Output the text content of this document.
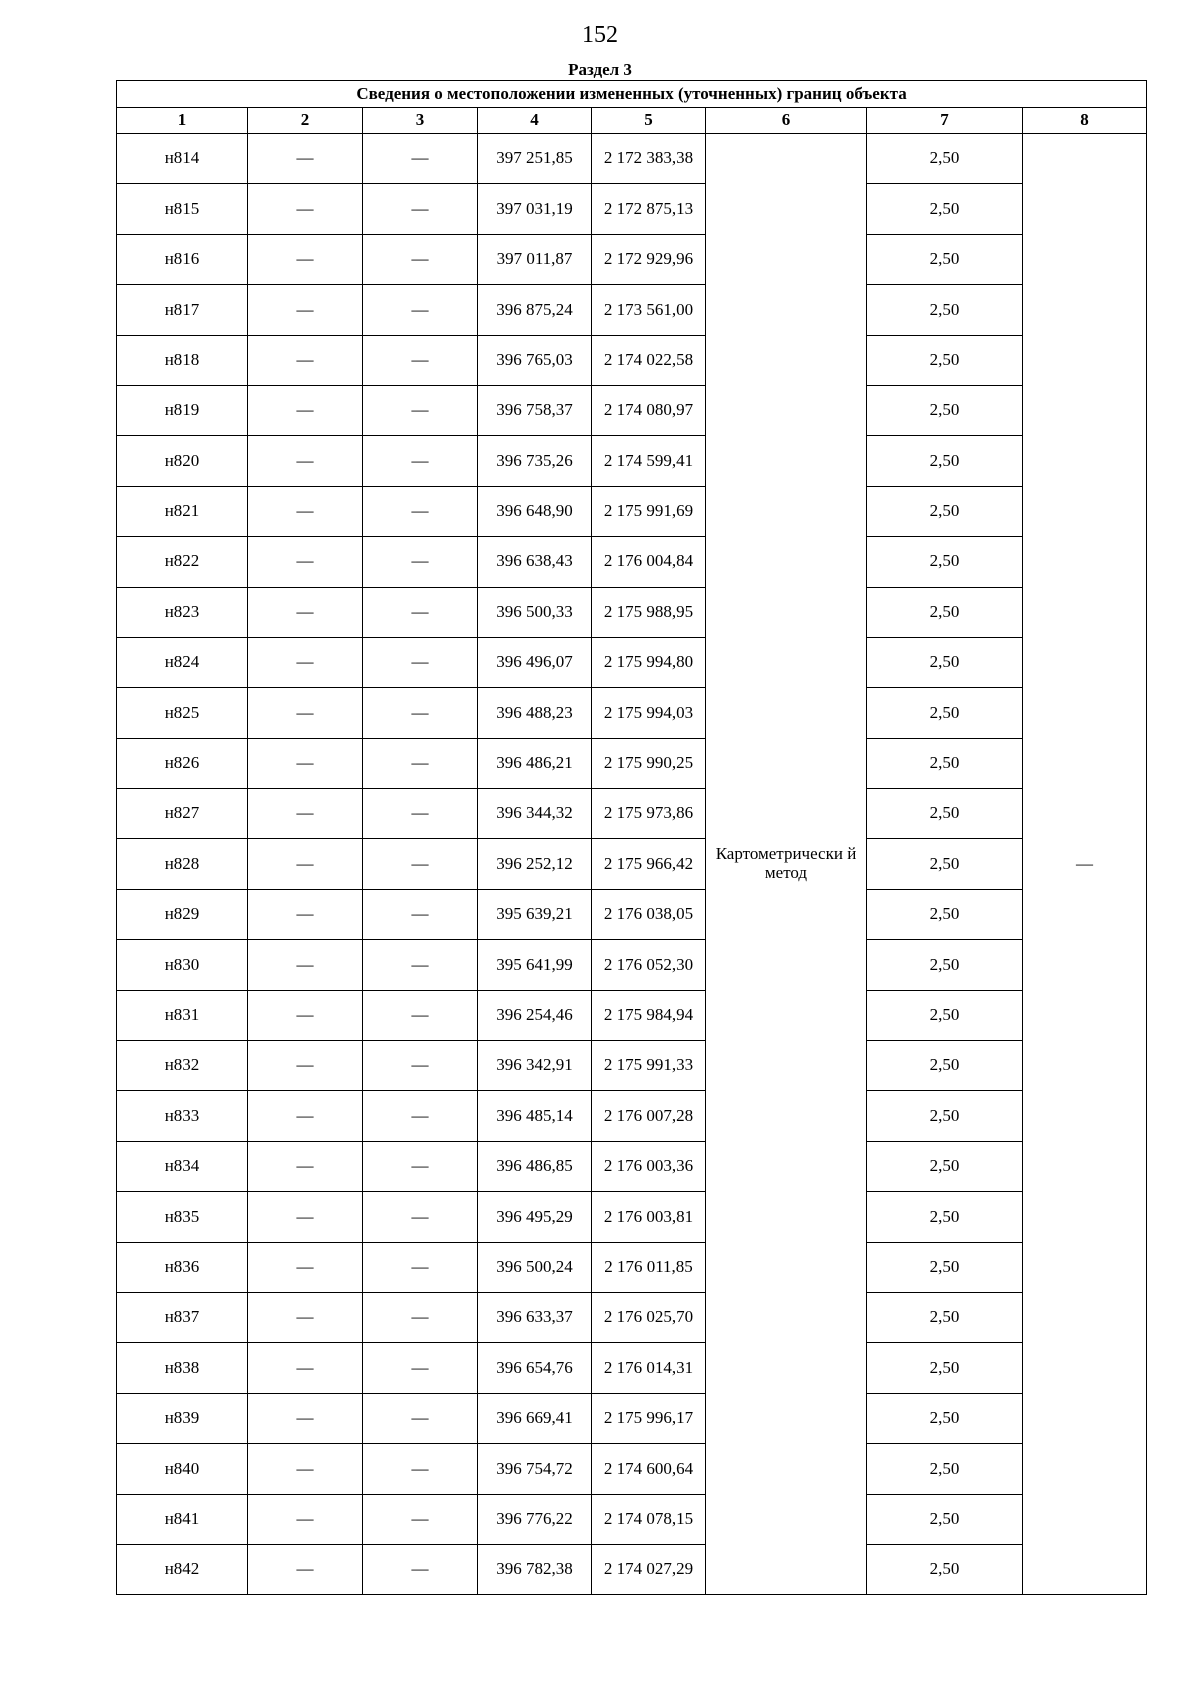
152
Раздел 3
Сведения о местоположении измененных (уточненных) границ объекта							
1	2	3	4	5	6	7	8
н814	—	—	397 251,85	2 172 383,38	Картометрически й метод	2,50	—
н815	—	—	397 031,19	2 172 875,13		2,50	
н816	—	—	397 011,87	2 172 929,96		2,50	
н817	—	—	396 875,24	2 173 561,00		2,50	
н818	—	—	396 765,03	2 174 022,58		2,50	
н819	—	—	396 758,37	2 174 080,97		2,50	
н820	—	—	396 735,26	2 174 599,41		2,50	
н821	—	—	396 648,90	2 175 991,69		2,50	
н822	—	—	396 638,43	2 176 004,84		2,50	
н823	—	—	396 500,33	2 175 988,95		2,50	
н824	—	—	396 496,07	2 175 994,80		2,50	
н825	—	—	396 488,23	2 175 994,03		2,50	
н826	—	—	396 486,21	2 175 990,25		2,50	
н827	—	—	396 344,32	2 175 973,86		2,50	
н828	—	—	396 252,12	2 175 966,42		2,50	
н829	—	—	395 639,21	2 176 038,05		2,50	
н830	—	—	395 641,99	2 176 052,30		2,50	
н831	—	—	396 254,46	2 175 984,94		2,50	
н832	—	—	396 342,91	2 175 991,33		2,50	
н833	—	—	396 485,14	2 176 007,28		2,50	
н834	—	—	396 486,85	2 176 003,36		2,50	
н835	—	—	396 495,29	2 176 003,81		2,50	
н836	—	—	396 500,24	2 176 011,85		2,50	
н837	—	—	396 633,37	2 176 025,70		2,50	
н838	—	—	396 654,76	2 176 014,31		2,50	
н839	—	—	396 669,41	2 175 996,17		2,50	
н840	—	—	396 754,72	2 174 600,64		2,50	
н841	—	—	396 776,22	2 174 078,15		2,50	
н842	—	—	396 782,38	2 174 027,29		2,50	
